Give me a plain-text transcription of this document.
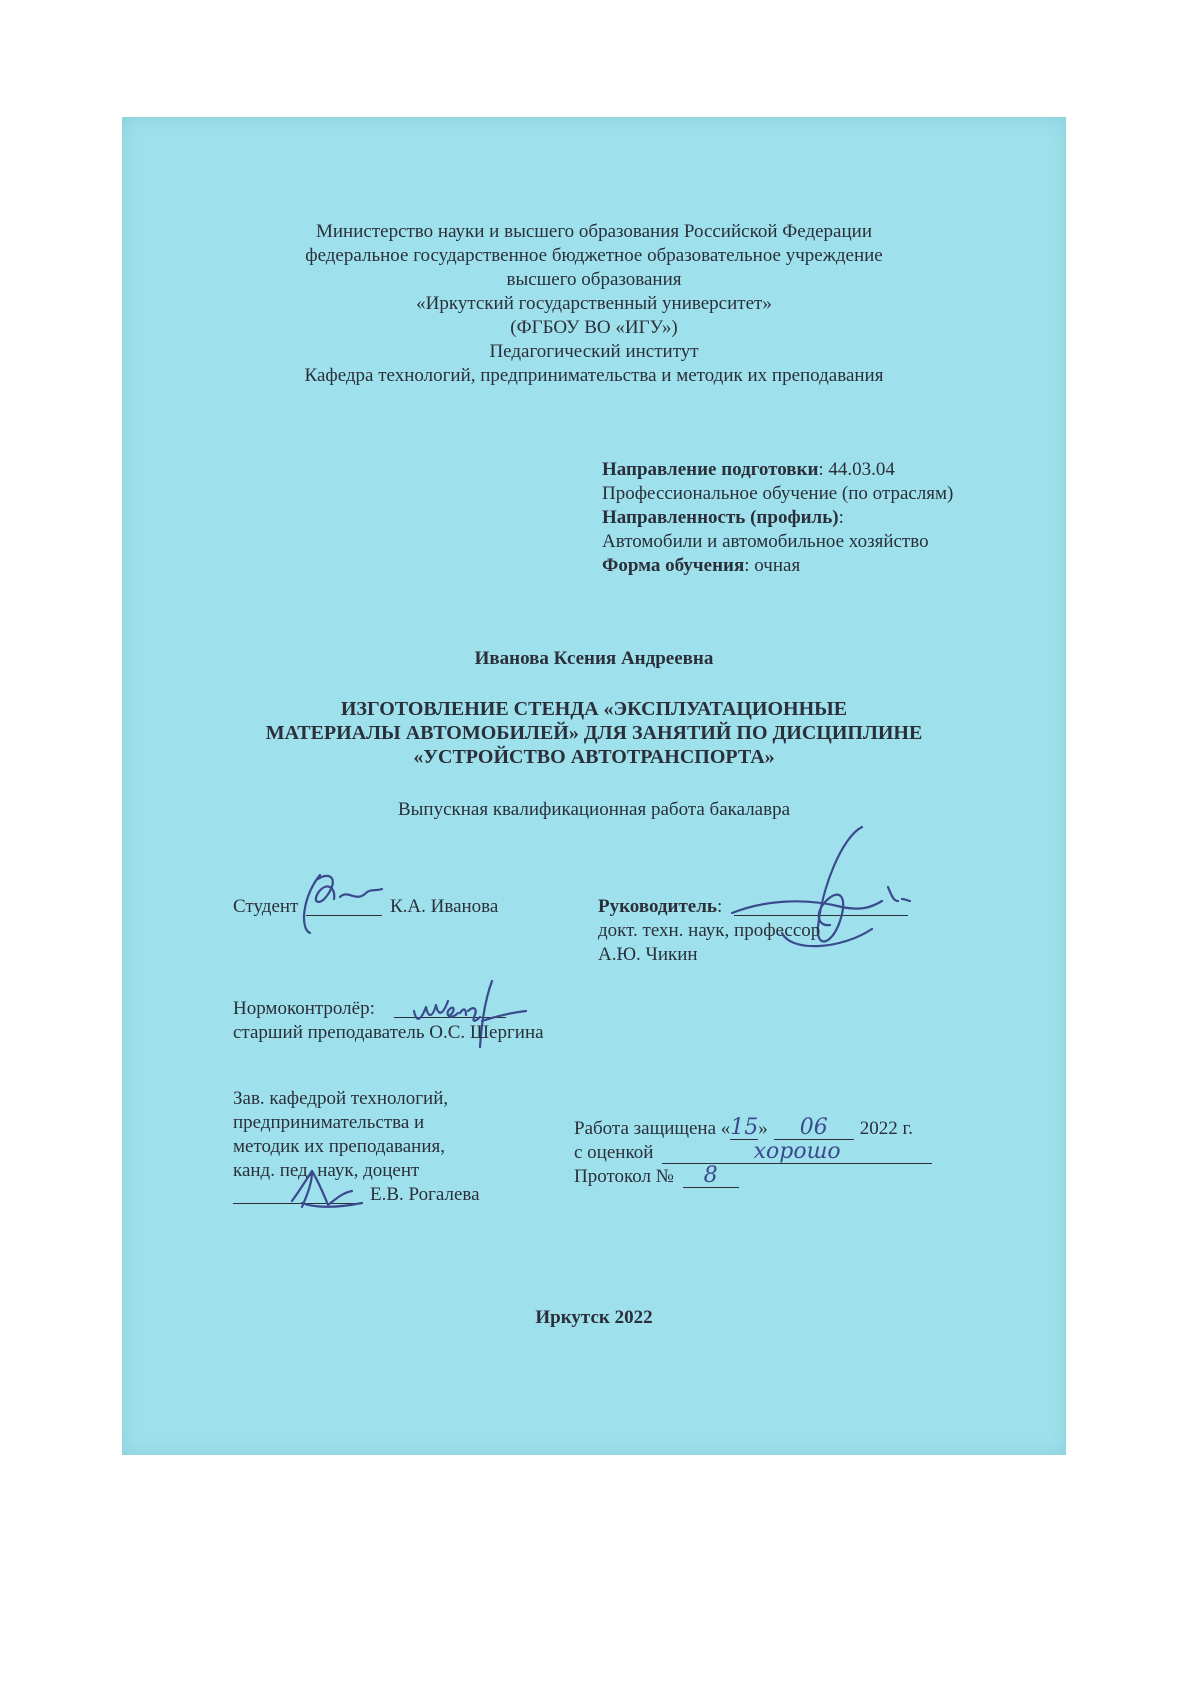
Министерство науки и высшего образования Российской Федерации
федеральное государственное бюджетное образовательное учреждение
высшего образования
«Иркутский государственный университет»
(ФГБОУ ВО «ИГУ»)
Педагогический институт
Кафедра технологий, предпринимательства и методик их преподавания
Направление подготовки: 44.03.04
Профессиональное обучение (по отраслям)
Направленность (профиль):
Автомобили и автомобильное хозяйство
Форма обучения: очная
Иванова Ксения Андреевна
ИЗГОТОВЛЕНИЕ СТЕНДА «ЭКСПЛУАТАЦИОННЫЕ
МАТЕРИАЛЫ АВТОМОБИЛЕЙ» ДЛЯ ЗАНЯТИЙ ПО ДИСЦИПЛИНЕ
«УСТРОЙСТВО АВТОТРАНСПОРТА»
Выпускная квалификационная работа бакалавра
Студент	К.А. Иванова	Руководитель:
докт. техн. наук, профессор
А.Ю. Чикин
Нормоконтролёр:
старший преподаватель О.С. Шергина
Зав. кафедрой технологий,
предпринимательства и
методик их преподавания,
канд. пед. наук, доцент
Е.В. Рогалева
Работа защищена «15» 06 2022 г.
с оценкой	хорошо
Протокол № 8
Иркутск 2022
